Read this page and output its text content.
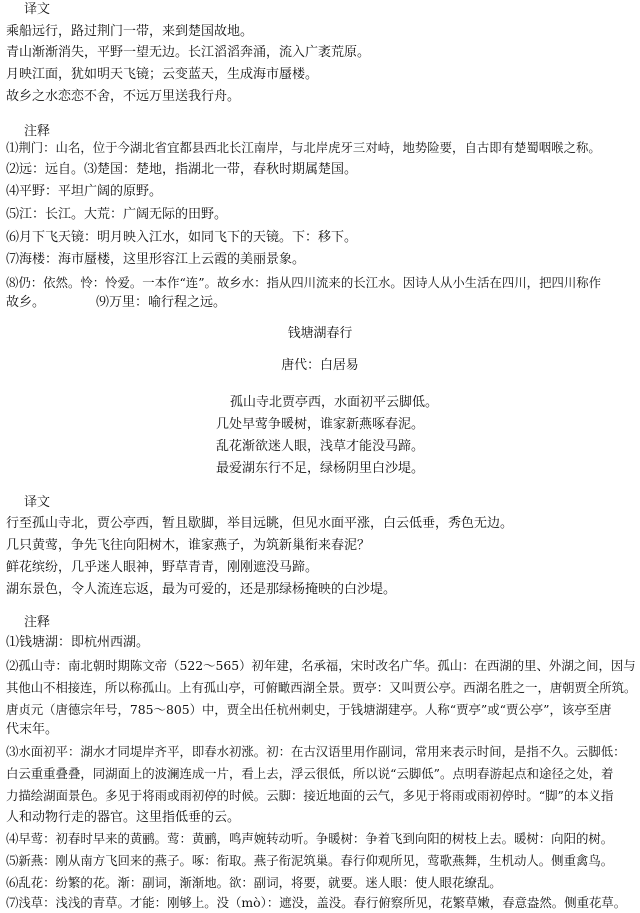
译文
乘船远行，路过荆门一带，来到楚国故地。
青山渐渐消失，平野一望无边。长江滔滔奔涌，流入广袤荒原。
月映江面，犹如明天飞镜；云变蓝天，生成海市蜃楼。
故乡之水恋恋不舍，不远万里送我行舟。
注释
⑴荆门：山名，位于今湖北省宜都县西北长江南岸，与北岸虎牙三对峙，地势险要，自古即有楚蜀咽喉之称。
⑵远：远自。⑶楚国：楚地，指湖北一带，春秋时期属楚国。
⑷平野：平坦广阔的原野。
⑸江：长江。大荒：广阔无际的田野。
⑹月下飞天镜：明月映入江水，如同飞下的天镜。下：移下。
⑺海楼：海市蜃楼，这里形容江上云霞的美丽景象。
⑻仍：依然。怜：怜爱。一本作“连”。故乡水：指从四川流来的长江水。因诗人从小生活在四川，把四川称作
故乡。	⑼万里：喻行程之远。
钱塘湖春行
唐代：白居易
孤山寺北贾亭西，水面初平云脚低。
几处早莺争暖树，谁家新燕啄春泥。
乱花渐欲迷人眼，浅草才能没马蹄。
最爱湖东行不足，绿杨阴里白沙堤。
译文
行至孤山寺北，贾公亭西，暂且歇脚，举目远眺，但见水面平涨，白云低垂，秀色无边。
几只黄莺，争先飞往向阳树木，谁家燕子，为筑新巢衔来春泥？
鲜花缤纷，几乎迷人眼神，野草青青，刚刚遮没马蹄。
湖东景色，令人流连忘返，最为可爱的，还是那绿杨掩映的白沙堤。
注释
⑴钱塘湖：即杭州西湖。
⑵孤山寺：南北朝时期陈文帝（522～565）初年建，名承福，宋时改名广华。孤山：在西湖的里、外湖之间，因与
其他山不相接连，所以称孤山。上有孤山亭，可俯瞰西湖全景。贾亭：又叫贾公亭。西湖名胜之一，唐朝贾全所筑。
唐贞元（唐德宗年号，785～805）中，贾全出任杭州刺史，于钱塘湖建亭。人称“贾亭”或“贾公亭”，该亭至唐
代末年。
⑶水面初平：湖水才同堤岸齐平，即春水初涨。初：在古汉语里用作副词，常用来表示时间，是指不久。云脚低：
白云重重叠叠，同湖面上的波澜连成一片，看上去，浮云很低，所以说“云脚低”。点明春游起点和途径之处，着
力描绘湖面景色。多见于将雨或雨初停的时候。云脚：接近地面的云气，多见于将雨或雨初停时。“脚”的本义指
人和动物行走的器官。这里指低垂的云。
⑷早莺：初春时早来的黄鹂。莺：黄鹂，鸣声婉转动听。争暖树：争着飞到向阳的树枝上去。暖树：向阳的树。
⑸新燕：刚从南方飞回来的燕子。啄：衔取。燕子衔泥筑巢。春行仰观所见，莺歌燕舞，生机动人。侧重禽鸟。
⑹乱花：纷繁的花。渐：副词，渐渐地。欲：副词，将要，就要。迷人眼：使人眼花缭乱。
⑺浅草：浅浅的青草。才能：刚够上。没（mò）：遮没，盖没。春行俯察所见，花繁草嫩，春意盎然。侧重花草。
